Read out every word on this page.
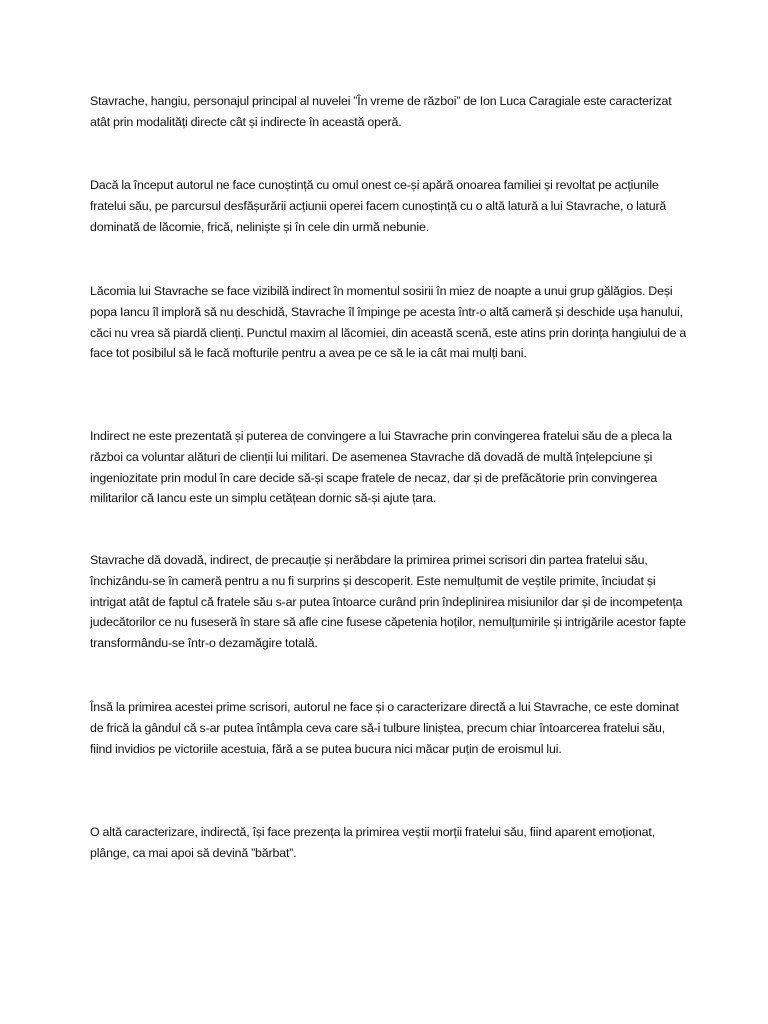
Stavrache, hangiu, personajul principal al nuvelei ”În vreme de război” de Ion Luca Caragiale este caracterizat atât prin modalități directe cât și indirecte în această operă.

Dacă la început autorul ne face cunoștință cu omul onest ce-și apără onoarea familiei și revoltat pe acțiunile fratelui său, pe parcursul desfășurării acțiunii operei facem cunoștință cu o altă latură a lui Stavrache, o latură dominată de lăcomie, frică, neliniște și în cele din urmă nebunie.

Lăcomia lui Stavrache se face vizibilă indirect în momentul sosirii în miez de noapte a unui grup gălăgios. Deși popa Iancu îl imploră să nu deschidă, Stavrache îl împinge pe acesta într-o altă cameră și deschide ușa hanului, căci nu vrea să piardă clienți. Punctul maxim al lăcomiei, din această scenă, este atins prin dorința hangiului de a face tot posibilul să le facă mofturile pentru a avea pe ce să le ia cât mai mulți bani.

Indirect ne este prezentată și puterea de convingere a lui Stavrache prin convingerea fratelui său de a pleca la război ca voluntar alături de clienții lui militari. De asemenea Stavrache dă dovadă de multă înțelepciune și ingeniozitate prin modul în care decide să-și scape fratele de necaz, dar și de prefăcătorie prin convingerea militarilor că Iancu este un simplu cetățean dornic să-și ajute țara.

Stavrache dă dovadă, indirect, de precauție și nerăbdare la primirea primei scrisori din partea fratelui său, închizându-se în cameră pentru a nu fi surprins și descoperit. Este nemulțumit de veștile primite, înciudat și intrigat atât de faptul că fratele său s-ar putea întoarce curând prin îndeplinirea misiunilor dar și de incompetența judecătorilor ce nu fuseseră în stare să afle cine fusese căpetenia hoților, nemulțumirile și intrigările acestor fapte transformându-se într-o dezamăgire totală.

Însă la primirea acestei prime scrisori, autorul ne face și o caracterizare directă a lui Stavrache, ce este dominat de frică la gândul că s-ar putea întâmpla ceva care să-i tulbure liniștea, precum chiar întoarcerea fratelui său, fiind invidios pe victoriile acestuia, fără a se putea bucura nici măcar puțin de eroismul lui.

O altă caracterizare, indirectă, își face prezența la primirea veștii morții fratelui său, fiind aparent emoționat, plânge, ca mai apoi să devină ”bărbat”.
